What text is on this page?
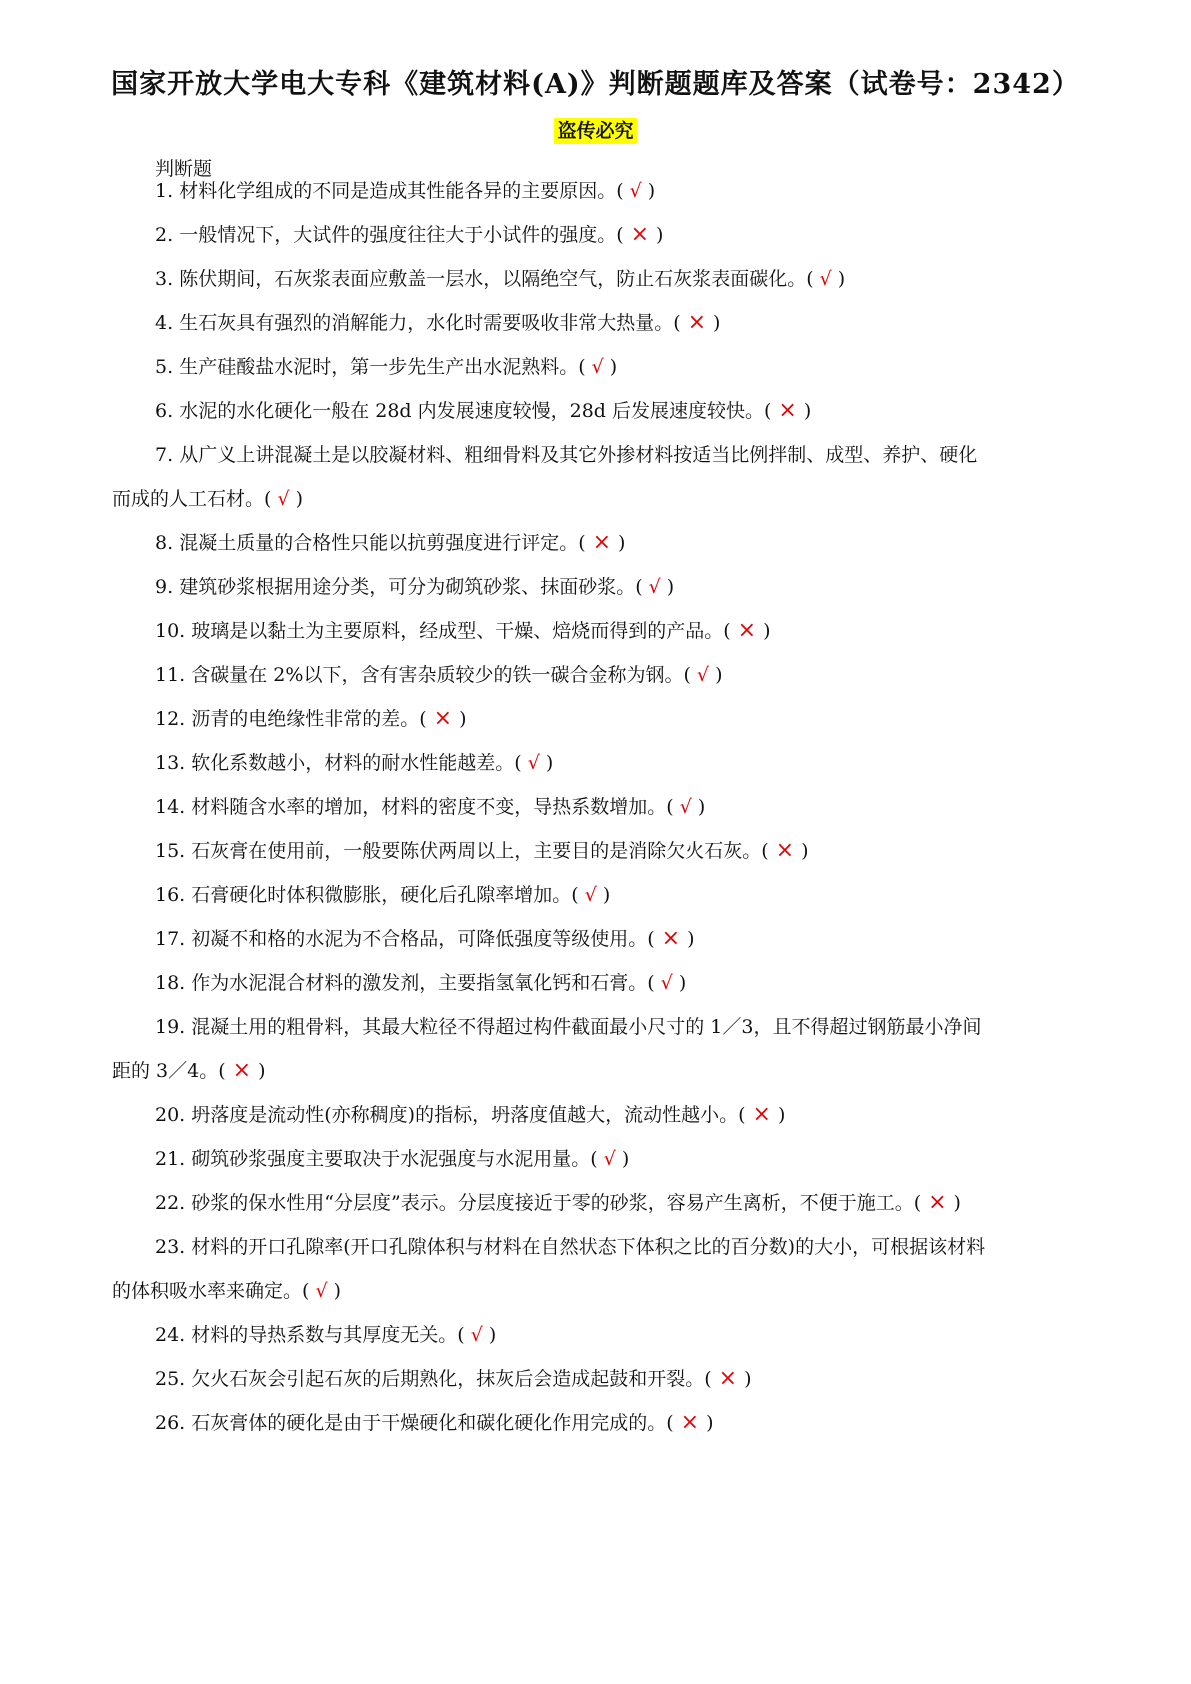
国家开放大学电大专科《建筑材料(A)》判断题题库及答案（试卷号：2342）
盗传必究
判断题
1. 材料化学组成的不同是造成其性能各异的主要原因。( √ )
2. 一般情况下，大试件的强度往往大于小试件的强度。( × )
3. 陈伏期间，石灰浆表面应敷盖一层水，以隔绝空气，防止石灰浆表面碳化。( √ )
4. 生石灰具有强烈的消解能力，水化时需要吸收非常大热量。( × )
5. 生产硅酸盐水泥时，第一步先生产出水泥熟料。( √ )
6. 水泥的水化硬化一般在 28d 内发展速度较慢，28d 后发展速度较快。( × )
7. 从广义上讲混凝土是以胶凝材料、粗细骨料及其它外掺材料按适当比例拌制、成型、养护、硬化
而成的人工石材。( √ )
8. 混凝土质量的合格性只能以抗剪强度进行评定。( × )
9. 建筑砂浆根据用途分类，可分为砌筑砂浆、抹面砂浆。( √ )
10. 玻璃是以黏土为主要原料，经成型、干燥、焙烧而得到的产品。( × )
11. 含碳量在 2%以下，含有害杂质较少的铁一碳合金称为钢。( √ )
12. 沥青的电绝缘性非常的差。( × )
13. 软化系数越小，材料的耐水性能越差。( √ )
14. 材料随含水率的增加，材料的密度不变，导热系数增加。( √ )
15. 石灰膏在使用前，一般要陈伏两周以上，主要目的是消除欠火石灰。( × )
16. 石膏硬化时体积微膨胀，硬化后孔隙率增加。( √ )
17. 初凝不和格的水泥为不合格品，可降低强度等级使用。( × )
18. 作为水泥混合材料的激发剂，主要指氢氧化钙和石膏。( √ )
19. 混凝土用的粗骨料，其最大粒径不得超过构件截面最小尺寸的 1／3，且不得超过钢筋最小净间
距的 3／4。( × )
20. 坍落度是流动性(亦称稠度)的指标，坍落度值越大，流动性越小。( × )
21. 砌筑砂浆强度主要取决于水泥强度与水泥用量。( √ )
22. 砂浆的保水性用“分层度”表示。分层度接近于零的砂浆，容易产生离析，不便于施工。( × )
23. 材料的开口孔隙率(开口孔隙体积与材料在自然状态下体积之比的百分数)的大小，可根据该材料
的体积吸水率来确定。( √ )
24. 材料的导热系数与其厚度无关。( √ )
25. 欠火石灰会引起石灰的后期熟化，抹灰后会造成起鼓和开裂。( × )
26. 石灰膏体的硬化是由于干燥硬化和碳化硬化作用完成的。( × )
